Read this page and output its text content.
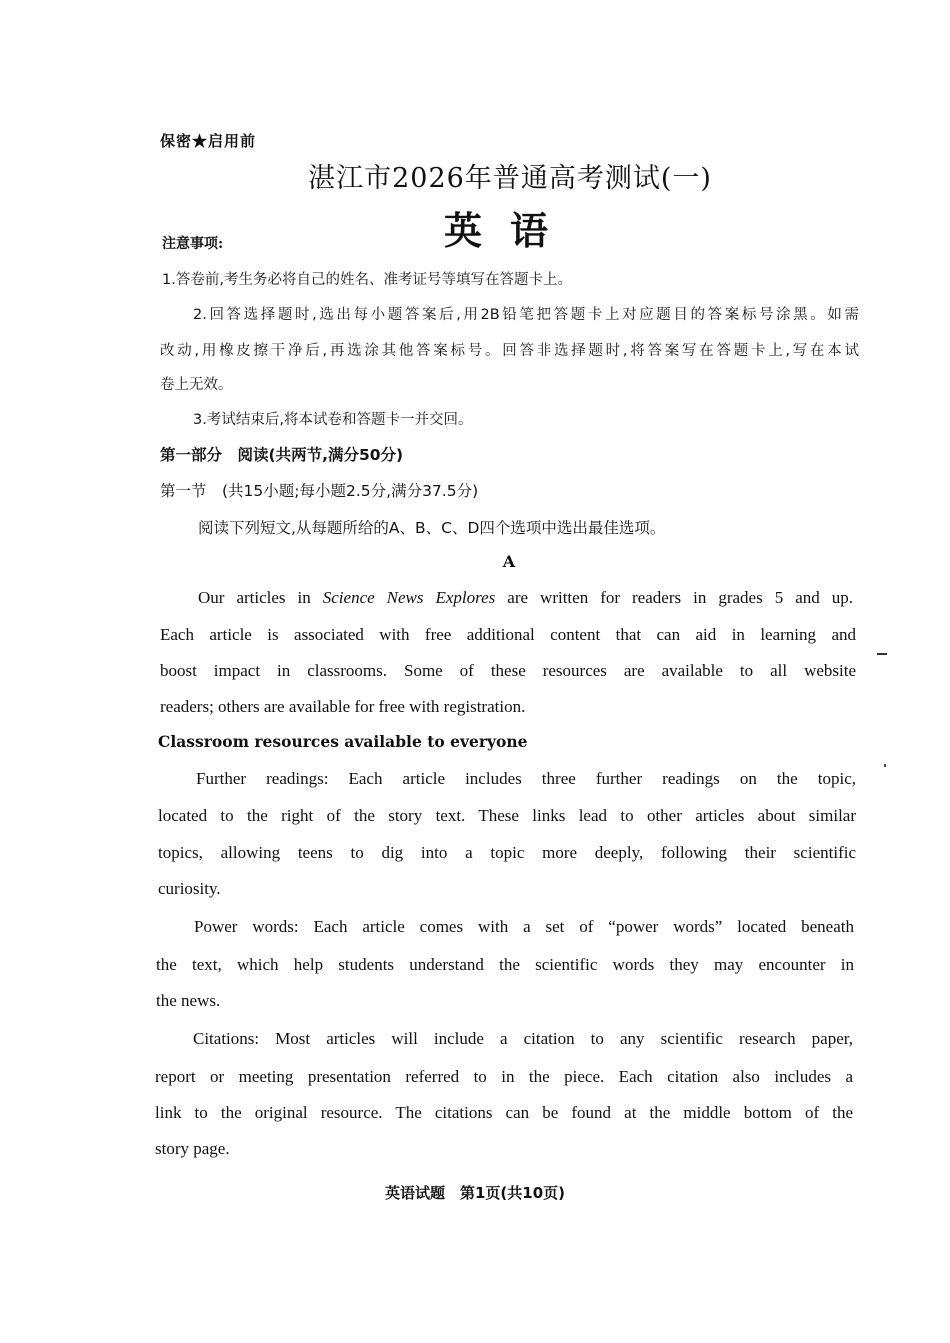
保密★启用前
湛江市2026年普通高考测试(一)
英语
注意事项:
1.答卷前,考生务必将自己的姓名、准考证号等填写在答题卡上。
2.回答选择题时,选出每小题答案后,用2B铅笔把答题卡上对应题目的答案标号涂黑。如需
改动,用橡皮擦干净后,再选涂其他答案标号。回答非选择题时,将答案写在答题卡上,写在本试
卷上无效。
3.考试结束后,将本试卷和答题卡一并交回。
第一部分　阅读(共两节,满分50分)
第一节　(共15小题;每小题2.5分,满分37.5分)
阅读下列短文,从每题所给的A、B、C、D四个选项中选出最佳选项。
A
Our articles in Science News Explores are written for readers in grades 5 and up.
Each article is associated with free additional content that can aid in learning and
boost impact in classrooms. Some of these resources are available to all website
readers; others are available for free with registration.
Classroom resources available to everyone
Further readings: Each article includes three further readings on the topic,
located to the right of the story text. These links lead to other articles about similar
topics, allowing teens to dig into a topic more deeply, following their scientific
curiosity.
Power words: Each article comes with a set of “power words” located beneath
the text, which help students understand the scientific words they may encounter in
the news.
Citations: Most articles will include a citation to any scientific research paper,
report or meeting presentation referred to in the piece. Each citation also includes a
link to the original resource. The citations can be found at the middle bottom of the
story page.
英语试题　第1页(共10页)
